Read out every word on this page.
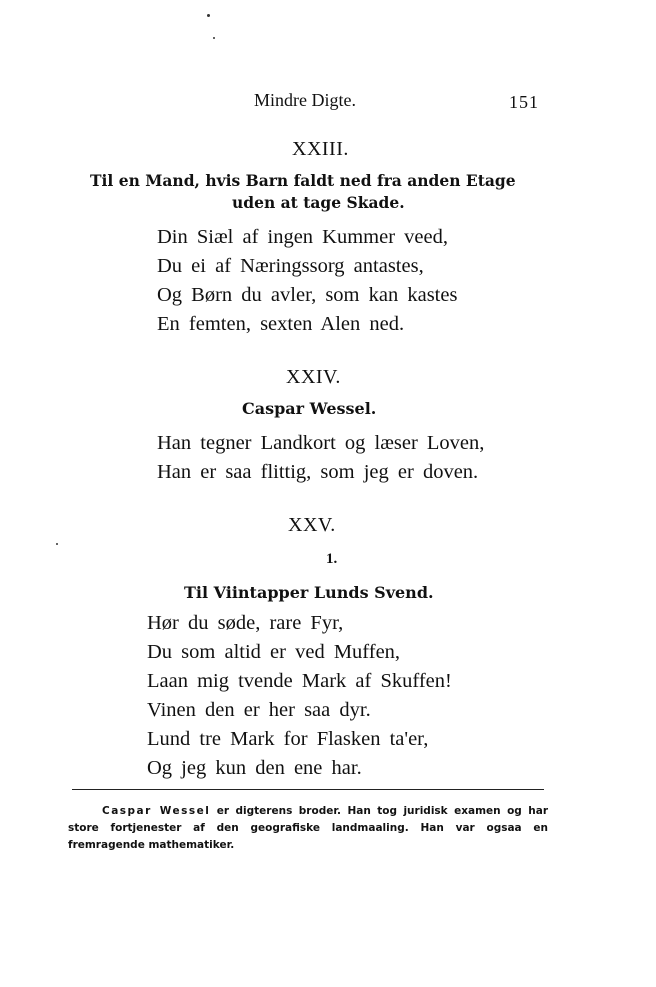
Mindre Digte.	151
XXIII.
Til en Mand, hvis Barn faldt ned fra anden Etage
uden at tage Skade.
Din Siæl af ingen Kummer veed,
Du ei af Næringssorg antastes,
Og Børn du avler, som kan kastes
En femten, sexten Alen ned.
XXIV.
Caspar Wessel.
Han tegner Landkort og læser Loven,
Han er saa flittig, som jeg er doven.
XXV.
1.
Til Viintapper Lunds Svend.
Hør du søde, rare Fyr,
Du som altid er ved Muffen,
Laan mig tvende Mark af Skuffen!
Vinen den er her saa dyr.
Lund tre Mark for Flasken ta'er,
Og jeg kun den ene har.
Caspar Wessel er digterens broder. Han tog juridisk examen og har store fortjenester af den geografiske landmaaling. Han var ogsaa en fremragende mathematiker.
